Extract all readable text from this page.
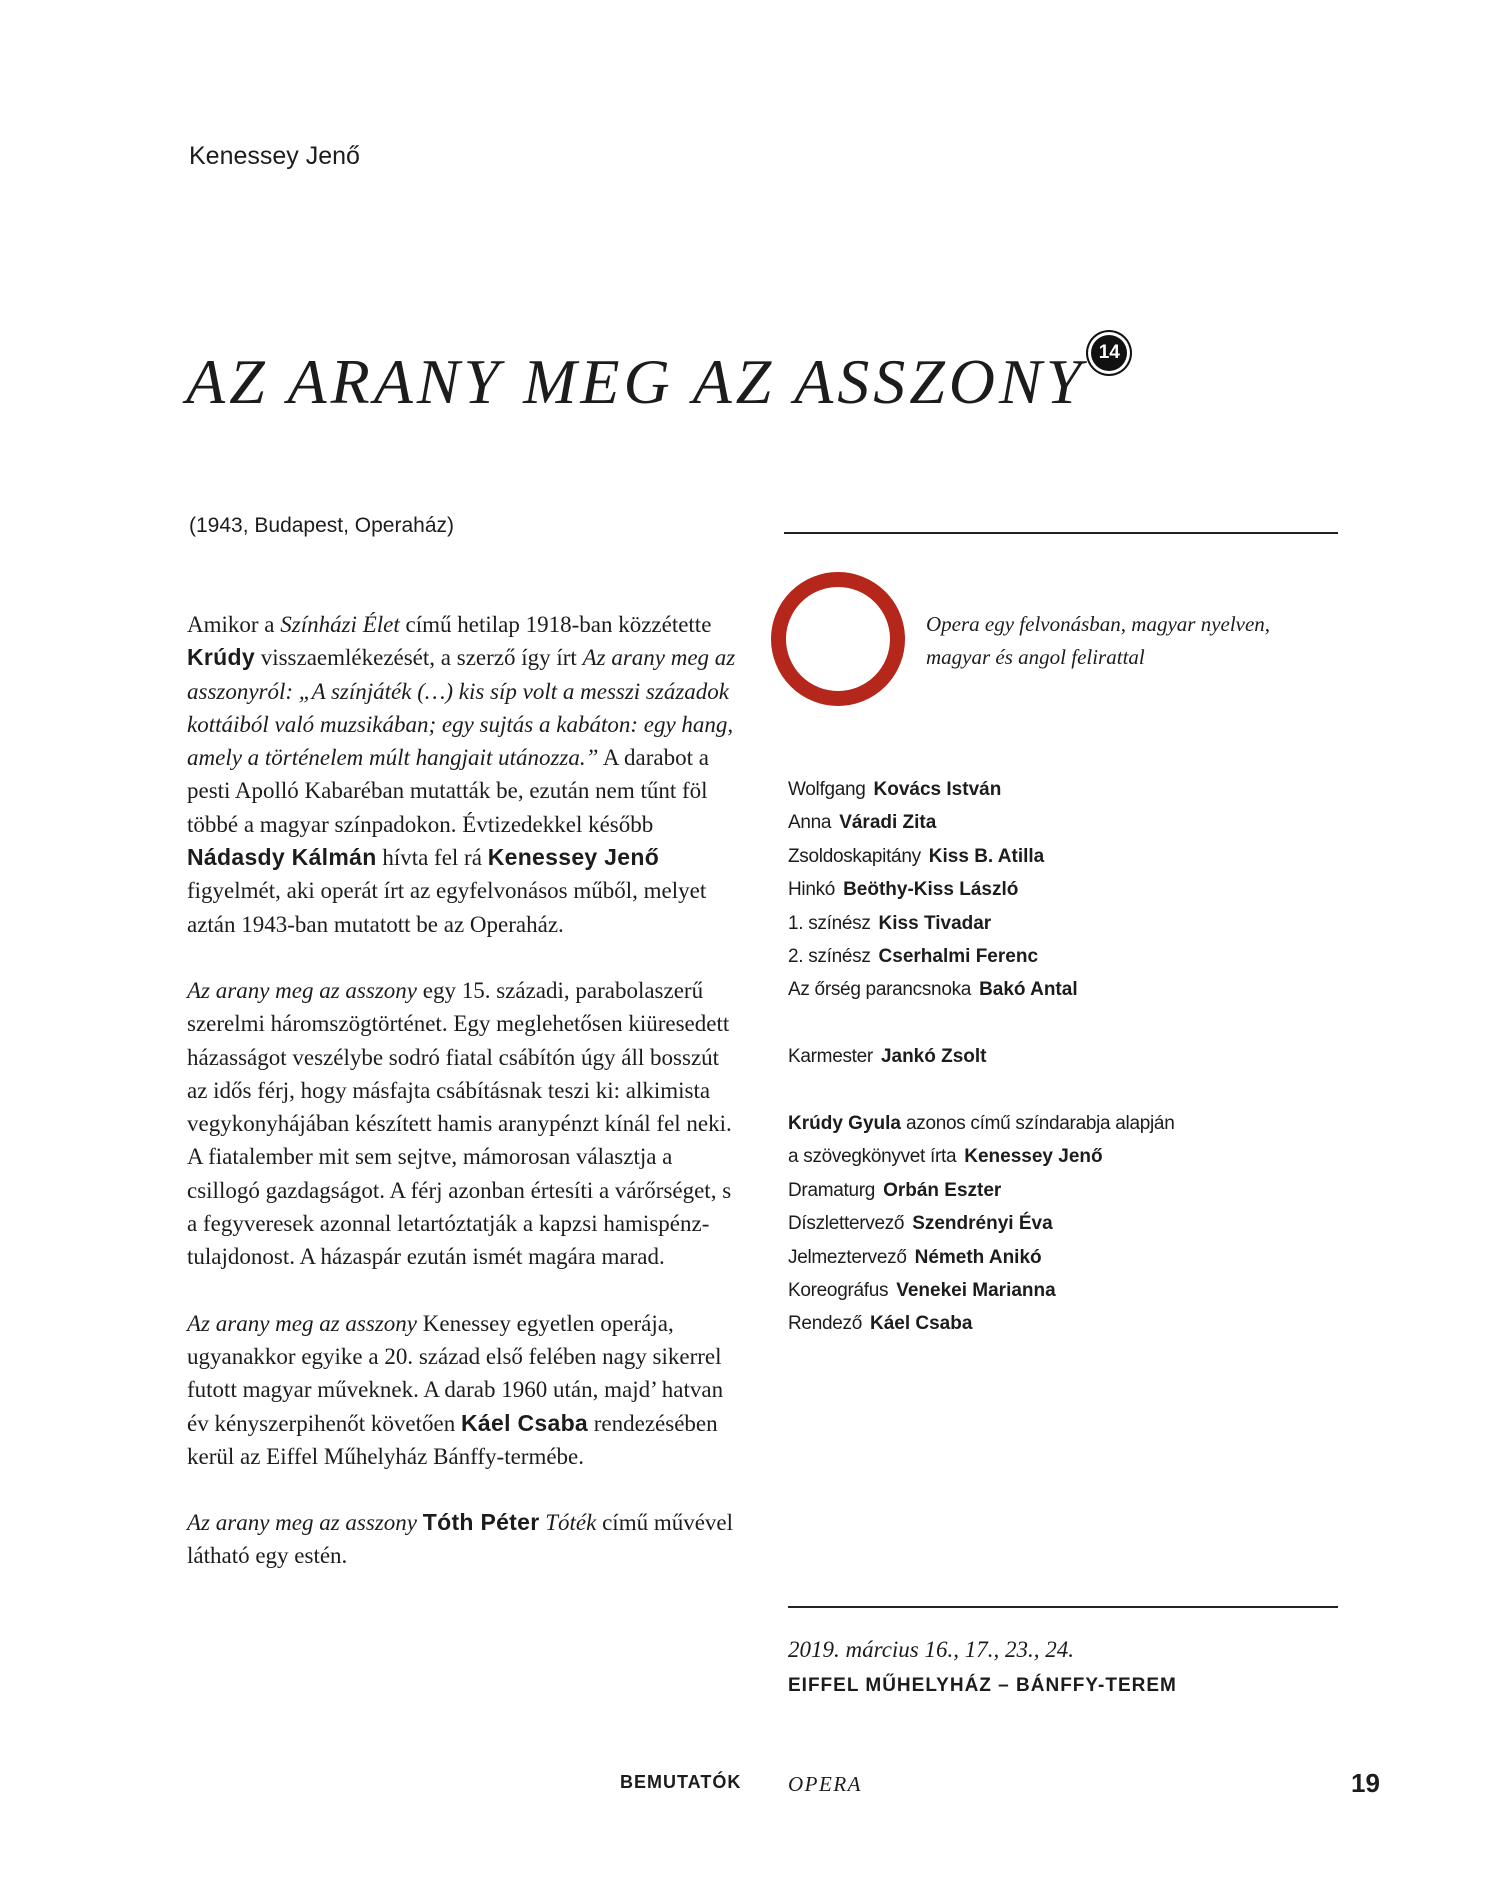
Kenessey Jenő
AZ ARANY MEG AZ ASSZONY 14
(1943, Budapest, Operaház)

Amikor a Színházi Élet című hetilap 1918-ban közzétette Krúdy visszaemlékezését, a szerző így írt Az arany meg az asszonyról: „A színjáték (…) kis síp volt a messzi századok kottáiból való muzsikában; egy sujtás a kabáton: egy hang, amely a történelem múlt hangjait utánozza.” A darabot a pesti Apolló Kabaréban mutatták be, ezután nem tűnt föl többé a magyar színpadokon. Évtizedekkel később Nádasdy Kálmán hívta fel rá Kenessey Jenő figyelmét, aki operát írt az egyfelvonásos műből, melyet aztán 1943-ban mutatott be az Operaház.

Az arany meg az asszony egy 15. századi, parabolaszerű szerelmi háromszögtörténet. Egy meglehetősen kiüresedett házasságot veszélybe sodró fiatal csábítón úgy áll bosszút az idős férj, hogy másfajta csábításnak teszi ki: alkimista vegykonyhájában készített hamis aranypénzt kínál fel neki. A fiatalember mit sem sejtve, mámorosan választja a csillogó gazdagságot. A férj azonban értesíti a várőrséget, s a fegyveresek azonnal letartóztatják a kapzsi hamispénz-tulajdonost. A házaspár ezután ismét magára marad.

Az arany meg az asszony Kenessey egyetlen operája, ugyanakkor egyike a 20. század első felében nagy sikerrel futott magyar műveknek. A darab 1960 után, majd’ hatvan év kényszerpihenőt követően Káel Csaba rendezésében kerül az Eiffel Műhelyház Bánffy-termébe.

Az arany meg az asszony Tóth Péter Tóték című művével látható egy estén.

Opera egy felvonásban, magyar nyelven, magyar és angol felirattal
Wolfgang Kovács István
Anna Váradi Zita
Zsoldoskapitány Kiss B. Atilla
Hinkó Beöthy-Kiss László
1. színész Kiss Tivadar
2. színész Cserhalmi Ferenc
Az őrség parancsnoka Bakó Antal
Karmester Jankó Zsolt
Krúdy Gyula azonos című színdarabja alapján
a szövegkönyvet írta Kenessey Jenő
Dramaturg Orbán Eszter
Díszlettervező Szendrényi Éva
Jelmeztervező Németh Anikó
Koreográfus Venekei Marianna
Rendező Káel Csaba
2019. március 16., 17., 23., 24.
EIFFEL MŰHELYHÁZ – BÁNFFY-TEREM
BEMUTATÓK OPERA	19
